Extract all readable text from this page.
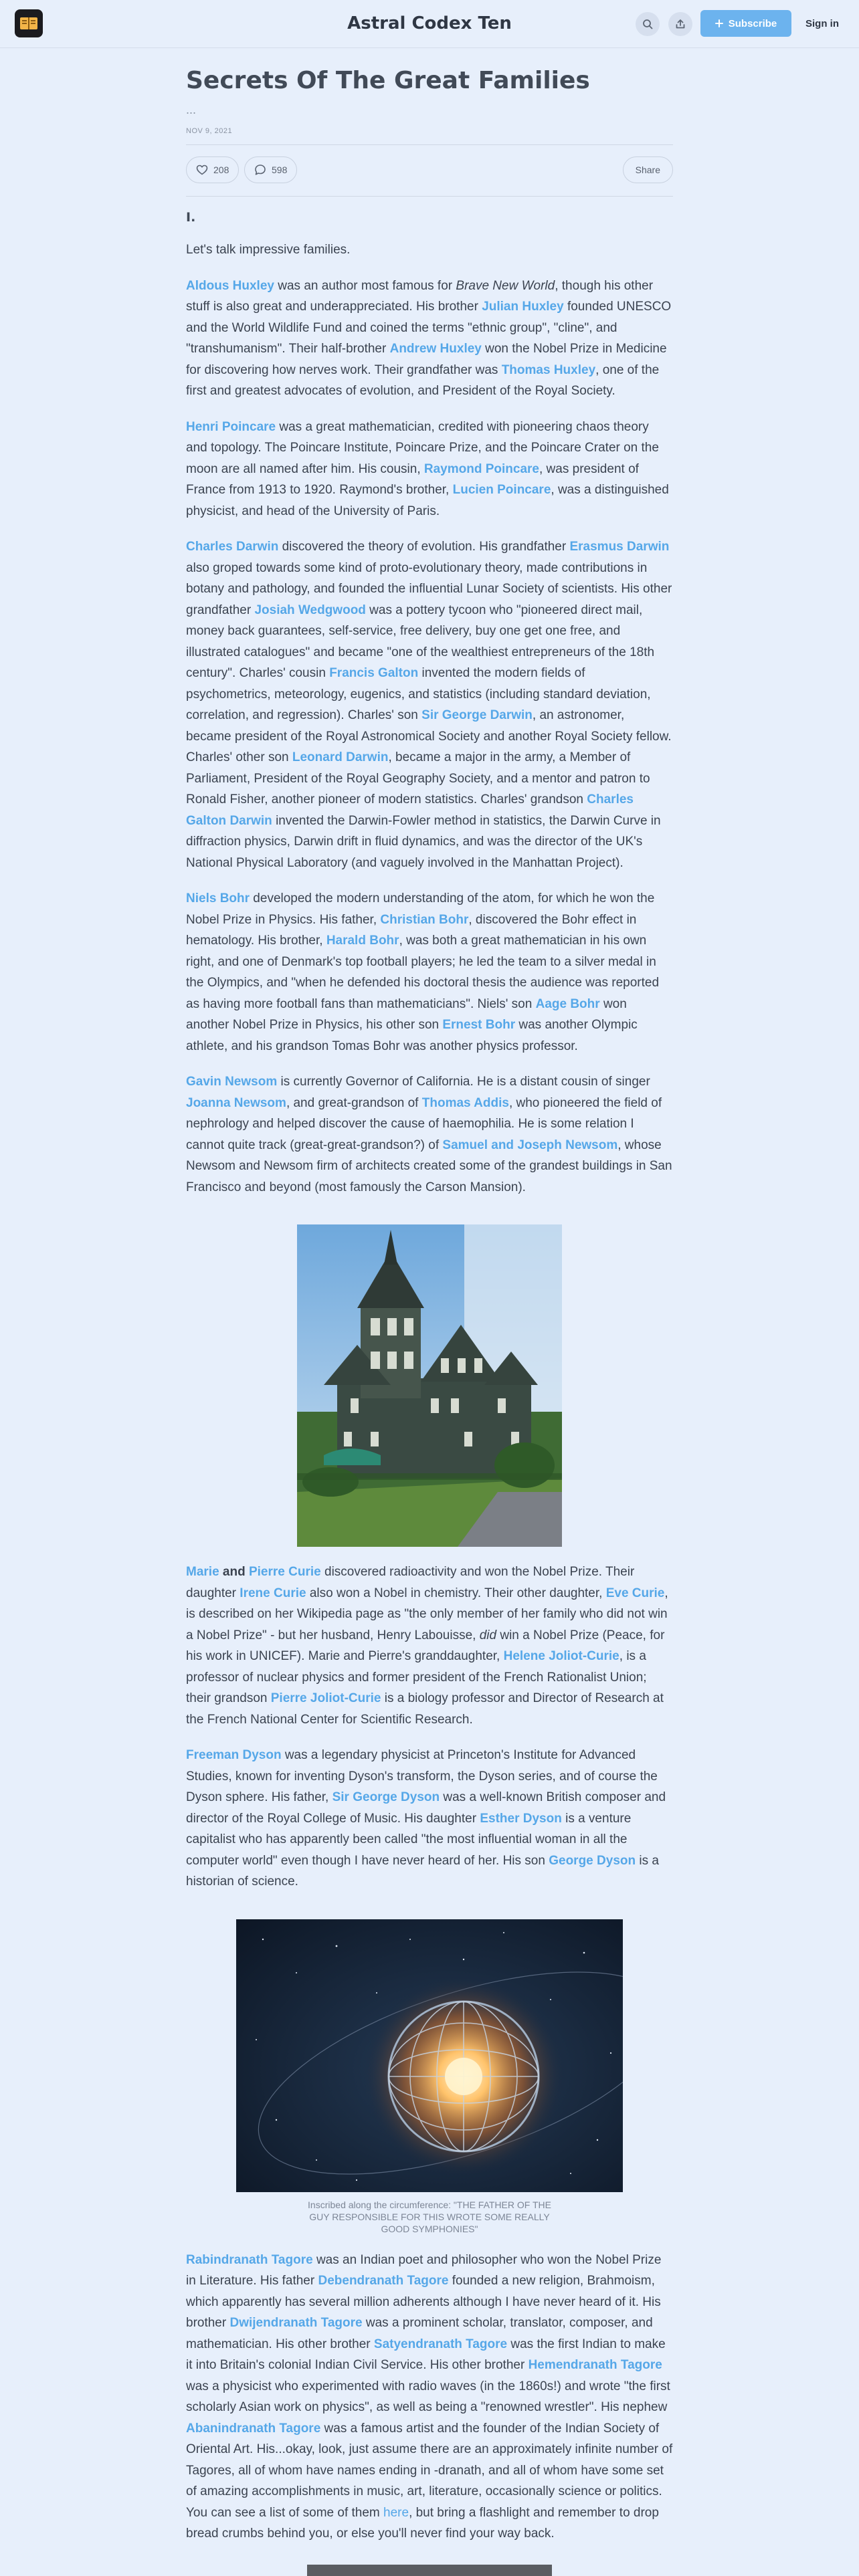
Astral Codex Ten	Subscribe	Sign in
Secrets Of The Great Families
...
NOV 9, 2021
208	598	Share
I.

Let's talk impressive families.

Aldous Huxley was an author most famous for Brave New World, though his other stuff is also great and underappreciated. His brother Julian Huxley founded UNESCO and the World Wildlife Fund and coined the terms "ethnic group", "cline", and "transhumanism". Their half-brother Andrew Huxley won the Nobel Prize in Medicine for discovering how nerves work. Their grandfather was Thomas Huxley, one of the first and greatest advocates of evolution, and President of the Royal Society.

Henri Poincare was a great mathematician, credited with pioneering chaos theory and topology. The Poincare Institute, Poincare Prize, and the Poincare Crater on the moon are all named after him. His cousin, Raymond Poincare, was president of France from 1913 to 1920. Raymond's brother, Lucien Poincare, was a distinguished physicist, and head of the University of Paris.

Charles Darwin discovered the theory of evolution. His grandfather Erasmus Darwin also groped towards some kind of proto-evolutionary theory, made contributions in botany and pathology, and founded the influential Lunar Society of scientists. His other grandfather Josiah Wedgwood was a pottery tycoon who "pioneered direct mail, money back guarantees, self-service, free delivery, buy one get one free, and illustrated catalogues" and became "one of the wealthiest entrepreneurs of the 18th century". Charles' cousin Francis Galton invented the modern fields of psychometrics, meteorology, eugenics, and statistics (including standard deviation, correlation, and regression). Charles' son Sir George Darwin, an astronomer, became president of the Royal Astronomical Society and another Royal Society fellow. Charles' other son Leonard Darwin, became a major in the army, a Member of Parliament, President of the Royal Geography Society, and a mentor and patron to Ronald Fisher, another pioneer of modern statistics. Charles' grandson Charles Galton Darwin invented the Darwin-Fowler method in statistics, the Darwin Curve in diffraction physics, Darwin drift in fluid dynamics, and was the director of the UK's National Physical Laboratory (and vaguely involved in the Manhattan Project).

Niels Bohr developed the modern understanding of the atom, for which he won the Nobel Prize in Physics. His father, Christian Bohr, discovered the Bohr effect in hematology. His brother, Harald Bohr, was both a great mathematician in his own right, and one of Denmark's top football players; he led the team to a silver medal in the Olympics, and "when he defended his doctoral thesis the audience was reported as having more football fans than mathematicians". Niels' son Aage Bohr won another Nobel Prize in Physics, his other son Ernest Bohr was another Olympic athlete, and his grandson Tomas Bohr was another physics professor.

Gavin Newsom is currently Governor of California. He is a distant cousin of singer Joanna Newsom, and great-grandson of Thomas Addis, who pioneered the field of nephrology and helped discover the cause of haemophilia. He is some relation I cannot quite track (great-great-grandson?) of Samuel and Joseph Newsom, whose Newsom and Newsom firm of architects created some of the grandest buildings in San Francisco and beyond (most famously the Carson Mansion).

Marie and Pierre Curie discovered radioactivity and won the Nobel Prize. Their daughter Irene Curie also won a Nobel in chemistry. Their other daughter, Eve Curie, is described on her Wikipedia page as "the only member of her family who did not win a Nobel Prize" - but her husband, Henry Labouisse, did win a Nobel Prize (Peace, for his work in UNICEF). Marie and Pierre's granddaughter, Helene Joliot-Curie, is a professor of nuclear physics and former president of the French Rationalist Union; their grandson Pierre Joliot-Curie is a biology professor and Director of Research at the French National Center for Scientific Research.

Freeman Dyson was a legendary physicist at Princeton's Institute for Advanced Studies, known for inventing Dyson's transform, the Dyson series, and of course the Dyson sphere. His father, Sir George Dyson was a well-known British composer and director of the Royal College of Music. His daughter Esther Dyson is a venture capitalist who has apparently been called "the most influential woman in all the computer world" even though I have never heard of her. His son George Dyson is a historian of science.

Inscribed along the circumference: "THE FATHER OF THE GUY RESPONSIBLE FOR THIS WROTE SOME REALLY GOOD SYMPHONIES"

Rabindranath Tagore was an Indian poet and philosopher who won the Nobel Prize in Literature. His father Debendranath Tagore founded a new religion, Brahmoism, which apparently has several million adherents although I have never heard of it. His brother Dwijendranath Tagore was a prominent scholar, translator, composer, and mathematician. His other brother Satyendranath Tagore was the first Indian to make it into Britain's colonial Indian Civil Service. His other brother Hemendranath Tagore was a physicist who experimented with radio waves (in the 1860s!) and wrote "the first scholarly Asian work on physics", as well as being a "renowned wrestler". His nephew Abanindranath Tagore was a famous artist and the founder of the Indian Society of Oriental Art. His...okay, look, just assume there are an approximately infinite number of Tagores, all of whom have names ending in -dranath, and all of whom have some set of amazing accomplishments in music, art, literature, occasionally science or politics. You can see a list of some of them here, but bring a flashlight and remember to drop bread crumbs behind you, or else you'll never find your way back.
